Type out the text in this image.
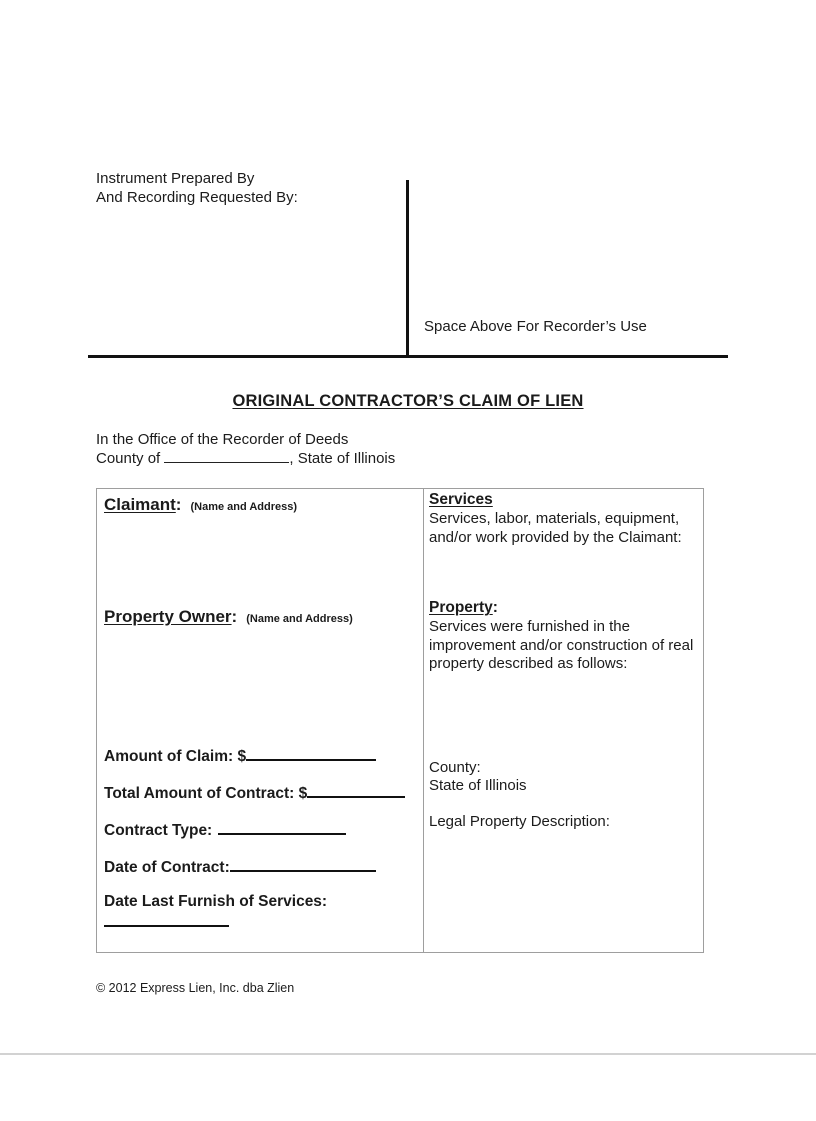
Instrument Prepared By
And Recording Requested By:
Space Above For Recorder’s Use
ORIGINAL CONTRACTOR’S CLAIM OF LIEN
In the Office of the Recorder of Deeds
County of	, State of Illinois
Claimant: (Name and Address)
Property Owner: (Name and Address)
Amount of Claim: $
Total Amount of Contract: $
Contract Type:
Date of Contract:
Date Last Furnish of Services:
Services
Services, labor, materials, equipment, and/or work provided by the Claimant:
Property:
Services were furnished in the improvement and/or construction of real property described as follows:
County:
State of Illinois
Legal Property Description:
© 2012 Express Lien, Inc. dba Zlien
